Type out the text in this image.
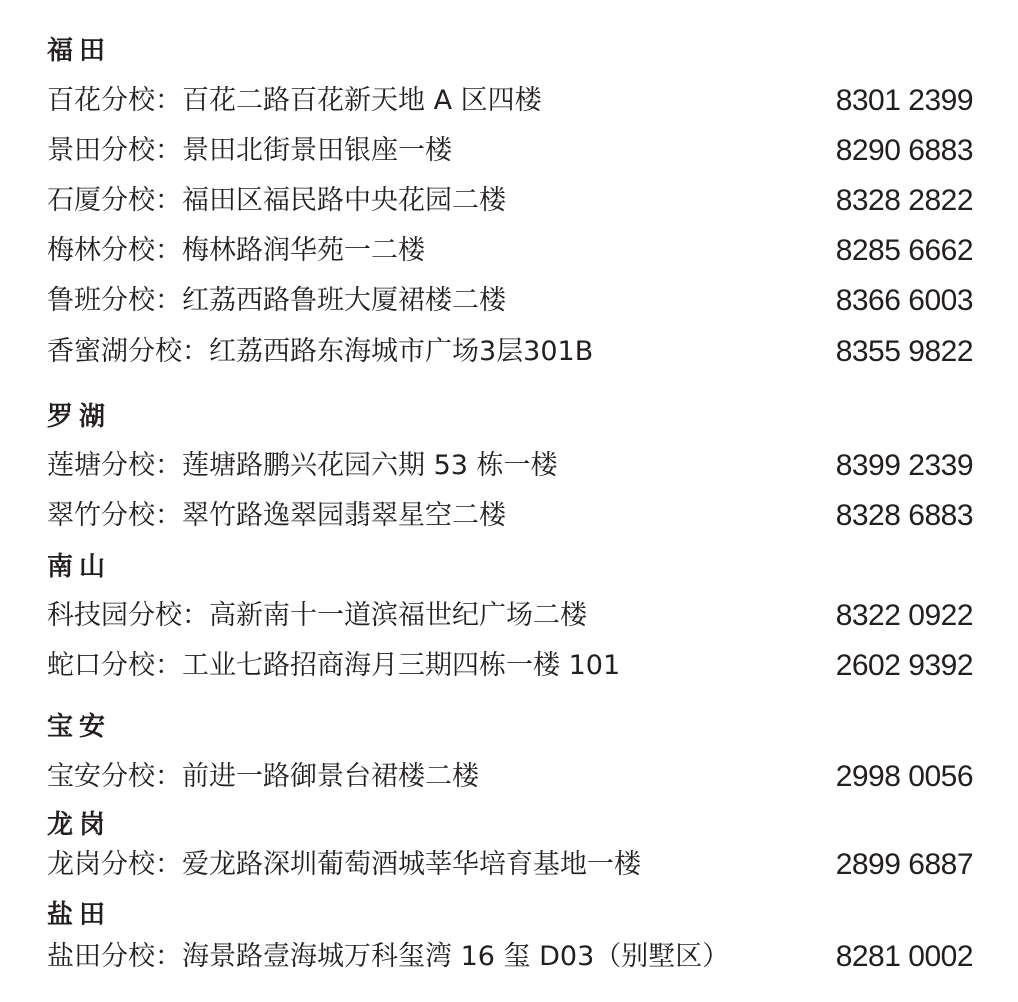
福田
百花分校：百花二路百花新天地 A 区四楼	8301 2399
景田分校：景田北街景田银座一楼	8290 6883
石厦分校：福田区福民路中央花园二楼	8328 2822
梅林分校：梅林路润华苑一二楼	8285 6662
鲁班分校：红荔西路鲁班大厦裙楼二楼	8366 6003
香蜜湖分校：红荔西路东海城市广场3层301B	8355 9822
罗湖
莲塘分校：莲塘路鹏兴花园六期 53 栋一楼	8399 2339
翠竹分校：翠竹路逸翠园翡翠星空二楼	8328 6883
南山
科技园分校：高新南十一道滨福世纪广场二楼	8322 0922
蛇口分校：工业七路招商海月三期四栋一楼 101	2602 9392
宝安
宝安分校：前进一路御景台裙楼二楼	2998 0056
龙岗
龙岗分校：爱龙路深圳葡萄酒城莘华培育基地一楼	2899 6887
盐田
盐田分校：海景路壹海城万科玺湾 16 玺 D03（别墅区）	8281 0002
